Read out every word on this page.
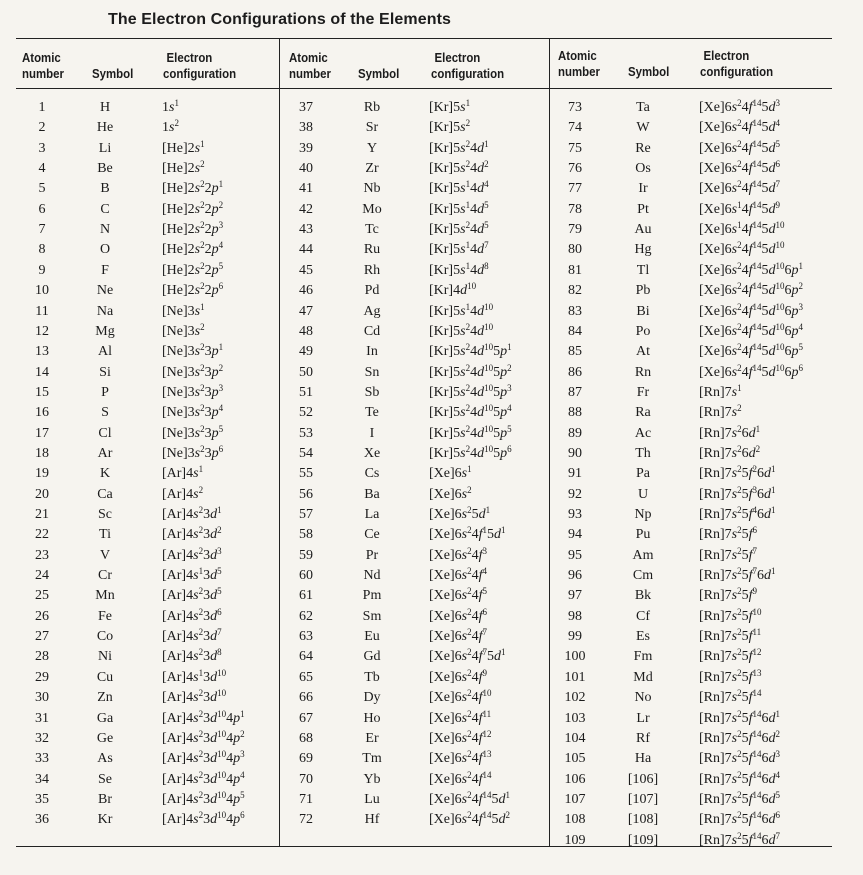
The Electron Configurations of the Elements
Atomic
number Symbol
Electron
configuration
Atomic
number Symbol
Electron
configuration
Atomic
number Symbol
Electron
configuration
1	H	$1s^1$
2	He	$1s^2$
3	Li	$[He]2s^1$
4	Be	$[He]2s^2$
5	B	$[He]2s^22p^1$
6	C	$[He]2s^22p^2$
7	N	$[He]2s^22p^3$
8	O	$[He]2s^22p^4$
9	F	$[He]2s^22p^5$
10	Ne	$[He]2s^22p^6$
11	Na	$[Ne]3s^1$
12	Mg	$[Ne]3s^2$
13	Al	$[Ne]3s^23p^1$
14	Si	$[Ne]3s^23p^2$
15	P	$[Ne]3s^23p^3$
16	S	$[Ne]3s^23p^4$
17	Cl	$[Ne]3s^23p^5$
18	Ar	$[Ne]3s^23p^6$
19	K	$[Ar]4s^1$
20	Ca	$[Ar]4s^2$
21	Sc	$[Ar]4s^23d^1$
22	Ti	$[Ar]4s^23d^2$
23	V	$[Ar]4s^23d^3$
24	Cr	$[Ar]4s^13d^5$
25	Mn	$[Ar]4s^23d^5$
26	Fe	$[Ar]4s^23d^6$
27	Co	$[Ar]4s^23d^7$
28	Ni	$[Ar]4s^23d^8$
29	Cu	$[Ar]4s^13d^{10}$
30	Zn	$[Ar]4s^23d^{10}$
31	Ga	$[Ar]4s^23d^{10}4p^1$
32	Ge	$[Ar]4s^23d^{10}4p^2$
33	As	$[Ar]4s^23d^{10}4p^3$
34	Se	$[Ar]4s^23d^{10}4p^4$
35	Br	$[Ar]4s^23d^{10}4p^5$
36	Kr	$[Ar]4s^23d^{10}4p^6$
37	Rb	$[Kr]5s^1$
38	Sr	$[Kr]5s^2$
39	Y	$[Kr]5s^24d^1$
40	Zr	$[Kr]5s^24d^2$
41	Nb	$[Kr]5s^14d^4$
42	Mo	$[Kr]5s^14d^5$
43	Tc	$[Kr]5s^24d^5$
44	Ru	$[Kr]5s^14d^7$
45	Rh	$[Kr]5s^14d^8$
46	Pd	$[Kr]4d^{10}$
47	Ag	$[Kr]5s^14d^{10}$
48	Cd	$[Kr]5s^24d^{10}$
49	In	$[Kr]5s^24d^{10}5p^1$
50	Sn	$[Kr]5s^24d^{10}5p^2$
51	Sb	$[Kr]5s^24d^{10}5p^3$
52	Te	$[Kr]5s^24d^{10}5p^4$
53	I	$[Kr]5s^24d^{10}5p^5$
54	Xe	$[Kr]5s^24d^{10}5p^6$
55	Cs	$[Xe]6s^1$
56	Ba	$[Xe]6s^2$
57	La	$[Xe]6s^25d^1$
58	Ce	$[Xe]6s^24f^15d^1$
59	Pr	$[Xe]6s^24f^3$
60	Nd	$[Xe]6s^24f^4$
61	Pm	$[Xe]6s^24f^5$
62	Sm	$[Xe]6s^24f^6$
63	Eu	$[Xe]6s^24f^7$
64	Gd	$[Xe]6s^24f^75d^1$
65	Tb	$[Xe]6s^24f^9$
66	Dy	$[Xe]6s^24f^{10}$
67	Ho	$[Xe]6s^24f^{11}$
68	Er	$[Xe]6s^24f^{12}$
69	Tm	$[Xe]6s^24f^{13}$
70	Yb	$[Xe]6s^24f^{14}$
71	Lu	$[Xe]6s^24f^{14}5d^1$
72	Hf	$[Xe]6s^24f^{14}5d^2$
73	Ta	$[Xe]6s^24f^{14}5d^3$
74	W	$[Xe]6s^24f^{14}5d^4$
75	Re	$[Xe]6s^24f^{14}5d^5$
76	Os	$[Xe]6s^24f^{14}5d^6$
77	Ir	$[Xe]6s^24f^{14}5d^7$
78	Pt	$[Xe]6s^14f^{14}5d^9$
79	Au	$[Xe]6s^14f^{14}5d^{10}$
80	Hg	$[Xe]6s^24f^{14}5d^{10}$
81	Tl	$[Xe]6s^24f^{14}5d^{10}6p^1$
82	Pb	$[Xe]6s^24f^{14}5d^{10}6p^2$
83	Bi	$[Xe]6s^24f^{14}5d^{10}6p^3$
84	Po	$[Xe]6s^24f^{14}5d^{10}6p^4$
85	At	$[Xe]6s^24f^{14}5d^{10}6p^5$
86	Rn	$[Xe]6s^24f^{14}5d^{10}6p^6$
87	Fr	$[Rn]7s^1$
88	Ra	$[Rn]7s^2$
89	Ac	$[Rn]7s^26d^1$
90	Th	$[Rn]7s^26d^2$
91	Pa	$[Rn]7s^25f^26d^1$
92	U	$[Rn]7s^25f^36d^1$
93	Np	$[Rn]7s^25f^46d^1$
94	Pu	$[Rn]7s^25f^6$
95	Am	$[Rn]7s^25f^7$
96	Cm	$[Rn]7s^25f^76d^1$
97	Bk	$[Rn]7s^25f^9$
98	Cf	$[Rn]7s^25f^{10}$
99	Es	$[Rn]7s^25f^{11}$
100	Fm	$[Rn]7s^25f^{12}$
101	Md	$[Rn]7s^25f^{13}$
102	No	$[Rn]7s^25f^{14}$
103	Lr	$[Rn]7s^25f^{14}6d^1$
104	Rf	$[Rn]7s^25f^{14}6d^2$
105	Ha	$[Rn]7s^25f^{14}6d^3$
106	[106]	$[Rn]7s^25f^{14}6d^4$
107	[107]	$[Rn]7s^25f^{14}6d^5$
108	[108]	$[Rn]7s^25f^{14}6d^6$
109	[109]	$[Rn]7s^25f^{14}6d^7$
